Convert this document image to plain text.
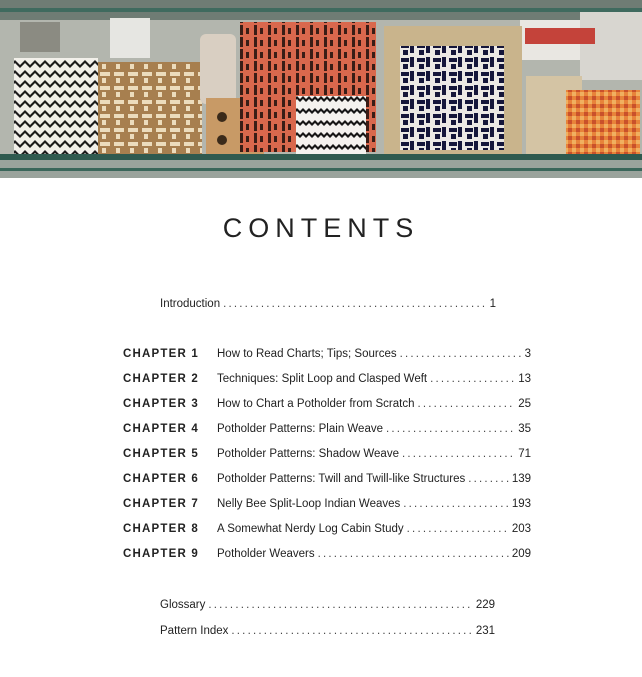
CONTENTS
Introduction . . .	1
CHAPTER 1	How to Read Charts; Tips; Sources . . .	3
CHAPTER 2	Techniques: Split Loop and Clasped Weft . . .	13
CHAPTER 3	How to Chart a Potholder from Scratch . . .	25
CHAPTER 4	Potholder Patterns: Plain Weave . . .	35
CHAPTER 5	Potholder Patterns: Shadow Weave . . .	71
CHAPTER 6	Potholder Patterns: Twill and Twill-like Structures . . .	139
CHAPTER 7	Nelly Bee Split-Loop Indian Weaves . . .	193
CHAPTER 8	A Somewhat Nerdy Log Cabin Study . . .	203
CHAPTER 9	Potholder Weavers . . .	209
Glossary . . .	229
Pattern Index . . .	231
